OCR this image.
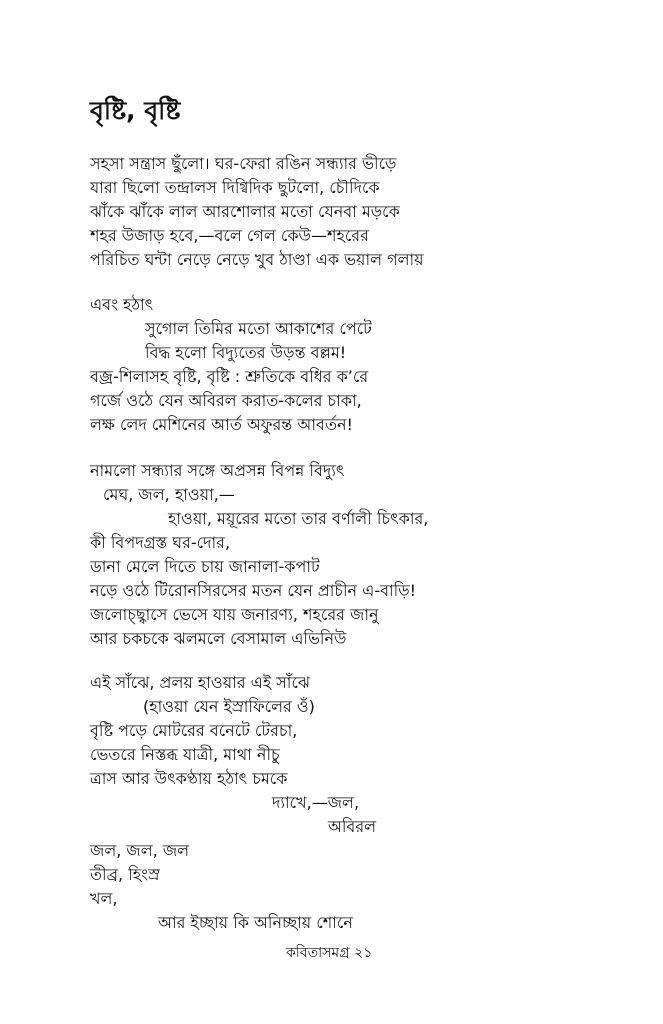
বৃষ্টি, বৃষ্টি
সহসা সন্ত্রাস ছুঁলো। ঘর-ফেরা রঙিন সন্ধ্যার ভীড়ে
যারা ছিলো তন্দ্রালস দিগ্বিদিক ছুটলো, চৌদিকে
ঝাঁকে ঝাঁকে লাল আরশোলার মতো যেনবা মড়কে
শহর উজাড় হবে,—বলে গেল কেউ—শহরের
পরিচিত ঘন্টা নেড়ে নেড়ে খুব ঠাণ্ডা এক ভয়াল গলায়
এবং হঠাৎ
সুগোল তিমির মতো আকাশের পেটে
বিদ্ধ হলো বিদ্যুতের উড়ন্ত বল্লম!
বজ্র-শিলাসহ বৃষ্টি, বৃষ্টি : শ্রুতিকে বধির ক’রে
গর্জে ওঠে যেন অবিরল করাত-কলের চাকা,
লক্ষ লেদ মেশিনের আর্ত অফুরন্ত আবর্তন!
নামলো সন্ধ্যার সঙ্গে অপ্রসন্ন বিপন্ন বিদ্যুৎ
মেঘ, জল, হাওয়া,—
হাওয়া, ময়ূরের মতো তার বর্ণালী চিৎকার,
কী বিপদগ্রস্ত ঘর-দোর,
ডানা মেলে দিতে চায় জানালা-কপাট
নড়ে ওঠে টিরোনসিরসের মতন যেন প্রাচীন এ-বাড়ি!
জলোচ্ছ্বাসে ভেসে যায় জনারণ্য, শহরের জানু
আর চকচকে ঝলমলে বেসামাল এভিনিউ
এই সাঁঝে, প্রলয় হাওয়ার এই সাঁঝে
(হাওয়া যেন ইস্রাফিলের ওঁ)
বৃষ্টি পড়ে মোটরের বনেটে টেরচা,
ভেতরে নিস্তব্ধ যাত্রী, মাথা নীচু
ত্রাস আর উৎকণ্ঠায় হঠাৎ চমকে
দ্যাখে,—জল,
অবিরল
জল, জল, জল
তীব্র, হিংস্র
খল,
আর ইচ্ছায় কি অনিচ্ছায় শোনে
কবিতাসমগ্র ২১
